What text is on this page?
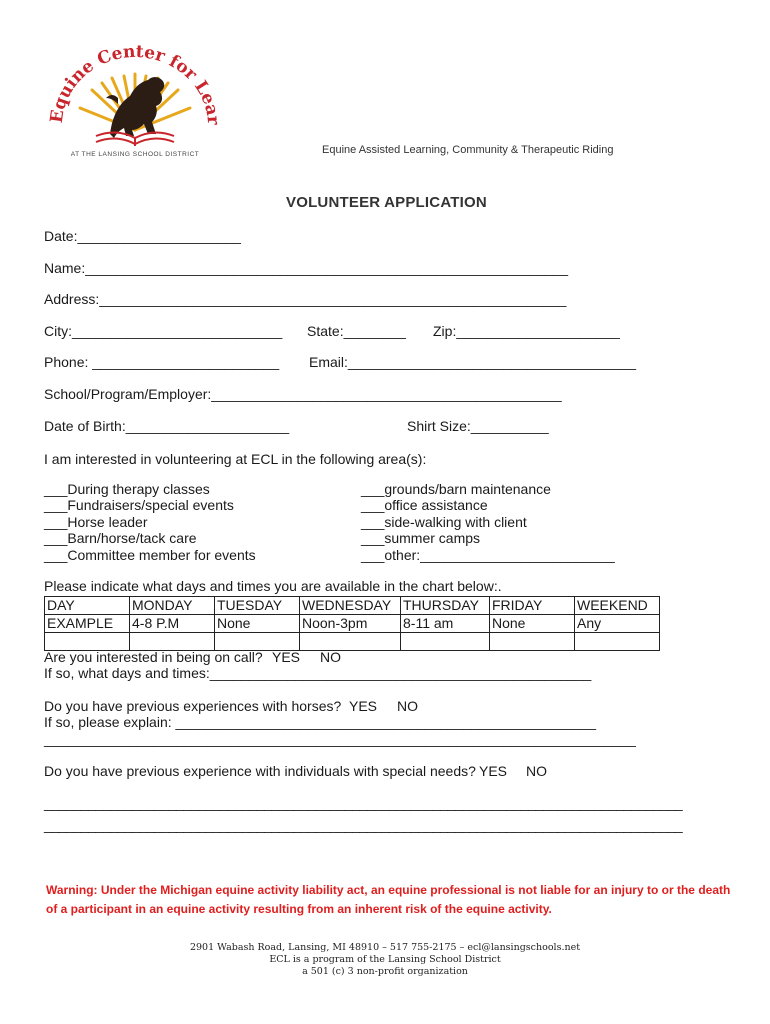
Equine Center for Lear
AT THE LANSING SCHOOL DISTRICT	Equine Assisted Learning, Community & Therapeutic Riding
VOLUNTEER APPLICATION
Date:_____________________
Name:______________________________________________________________
Address:____________________________________________________________
City:___________________________ State:________ Zip:_____________________
Phone: ________________________ Email:_____________________________________
School/Program/Employer:_____________________________________________
Date of Birth:_____________________	Shirt Size:__________
I am interested in volunteering at ECL in the following area(s):
___During therapy classes
___Fundraisers/special events
___Horse leader
___Barn/horse/tack care
___Committee member for events
___grounds/barn maintenance
___office assistance
___side-walking with client
___summer camps
___other:_________________________
Please indicate what days and times you are available in the chart below:.
DAY	MONDAY	TUESDAY	WEDNESDAY	THURSDAY	FRIDAY	WEEKEND
EXAMPLE	4-8 P.M	None	Noon-3pm	8-11 am	None	Any

Are you interested in being on call? YES NO
If so, what days and times:_________________________________________________
Do you have previous experiences with horses? YES NO
If so, please explain: ______________________________________________________
____________________________________________________________________________
Do you have previous experience with individuals with special needs? YES NO
_______________________________________________________________________________________
_______________________________________________________________________________________
Warning: Under the Michigan equine activity liability act, an equine professional is not liable for an injury to or the death of a participant in an equine activity resulting from an inherent risk of the equine activity.
2901 Wabash Road, Lansing, MI 48910 – 517 755-2175 – ecl@lansingschools.net
ECL is a program of the Lansing School District
a 501 (c) 3 non-profit organization
